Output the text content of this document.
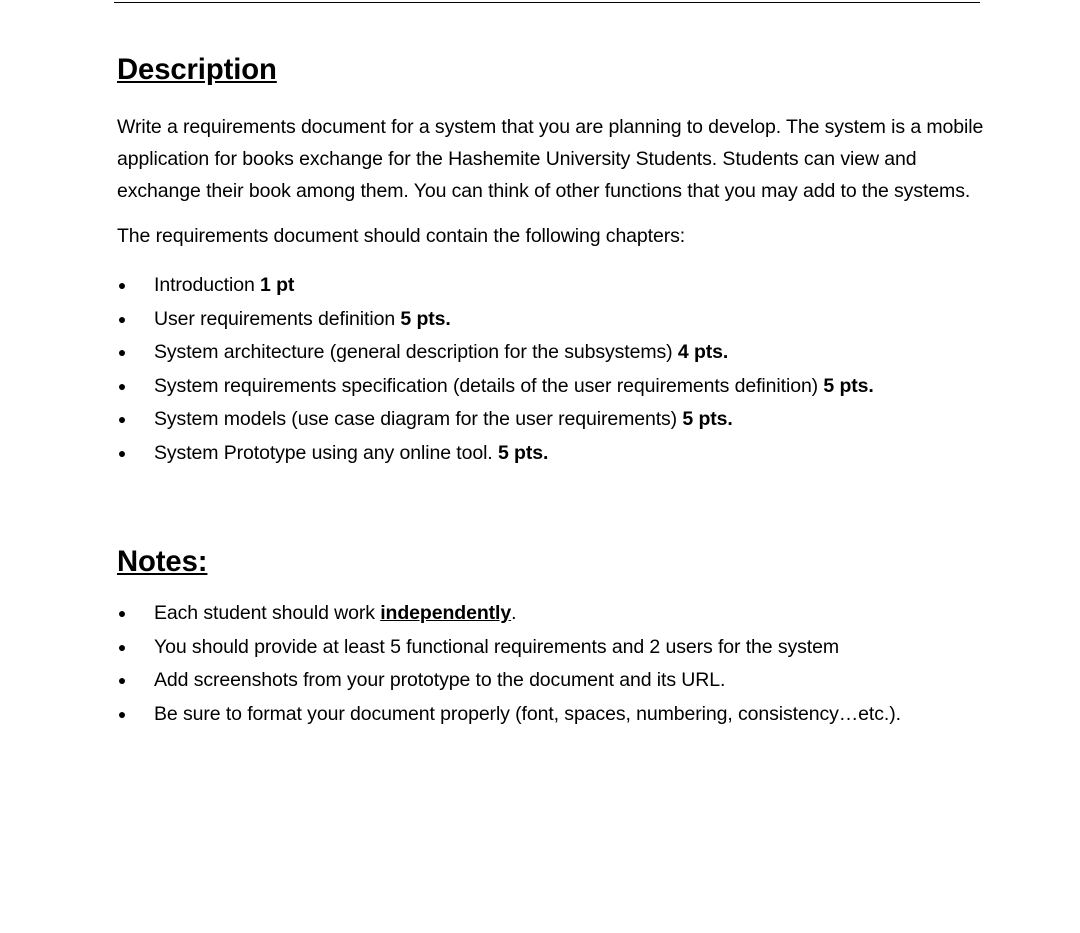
Description

Write a requirements document for a system that you are planning to develop. The system is a mobile application for books exchange for the Hashemite University Students. Students can view and exchange their book among them. You can think of other functions that you may add to the systems.

The requirements document should contain the following chapters:

● Introduction 1 pt
● User requirements definition 5 pts.
● System architecture (general description for the subsystems) 4 pts.
● System requirements specification (details of the user requirements definition) 5 pts.
● System models (use case diagram for the user requirements) 5 pts.
● System Prototype using any online tool. 5 pts.
Notes:
● Each student should work independently.
● You should provide at least 5 functional requirements and 2 users for the system
● Add screenshots from your prototype to the document and its URL.
● Be sure to format your document properly (font, spaces, numbering, consistency…etc.).
